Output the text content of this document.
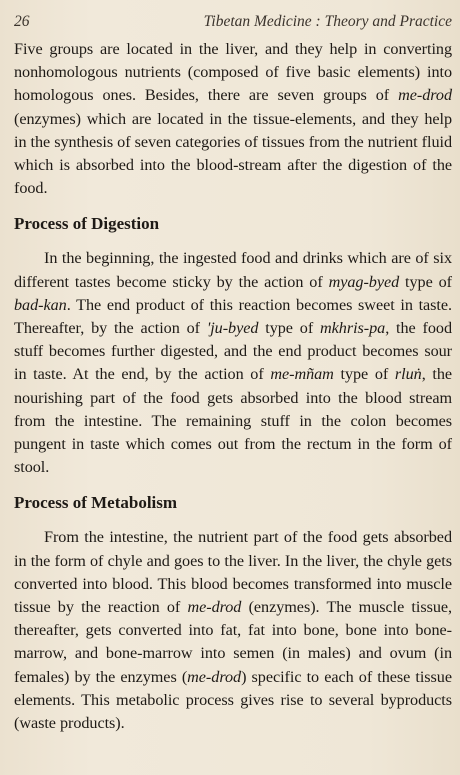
26	Tibetan Medicine : Theory and Practice

Five groups are located in the liver, and they help in converting nonhomologous nutrients (composed of five basic elements) into homologous ones. Besides, there are seven groups of me-drod (enzymes) which are located in the tissue-elements, and they help in the synthesis of seven categories of tissues from the nutrient fluid which is absorbed into the blood-stream after the digestion of the food.

Process of Digestion

In the beginning, the ingested food and drinks which are of six different tastes become sticky by the action of myag-byed type of bad-kan. The end product of this reaction becomes sweet in taste. Thereafter, by the action of 'ju-byed type of mkhris-pa, the food stuff becomes further digested, and the end product becomes sour in taste. At the end, by the action of me-mñam type of rluṅ, the nourishing part of the food gets absorbed into the blood stream from the intestine. The remaining stuff in the colon becomes pungent in taste which comes out from the rectum in the form of stool.

Process of Metabolism

From the intestine, the nutrient part of the food gets absorbed in the form of chyle and goes to the liver. In the liver, the chyle gets converted into blood. This blood becomes transformed into muscle tissue by the reaction of me-drod (enzymes). The muscle tissue, thereafter, gets converted into fat, fat into bone, bone into bone-marrow, and bone-marrow into semen (in males) and ovum (in females) by the enzymes (me-drod) specific to each of these tissue elements. This metabolic process gives rise to several byproducts (waste products).
